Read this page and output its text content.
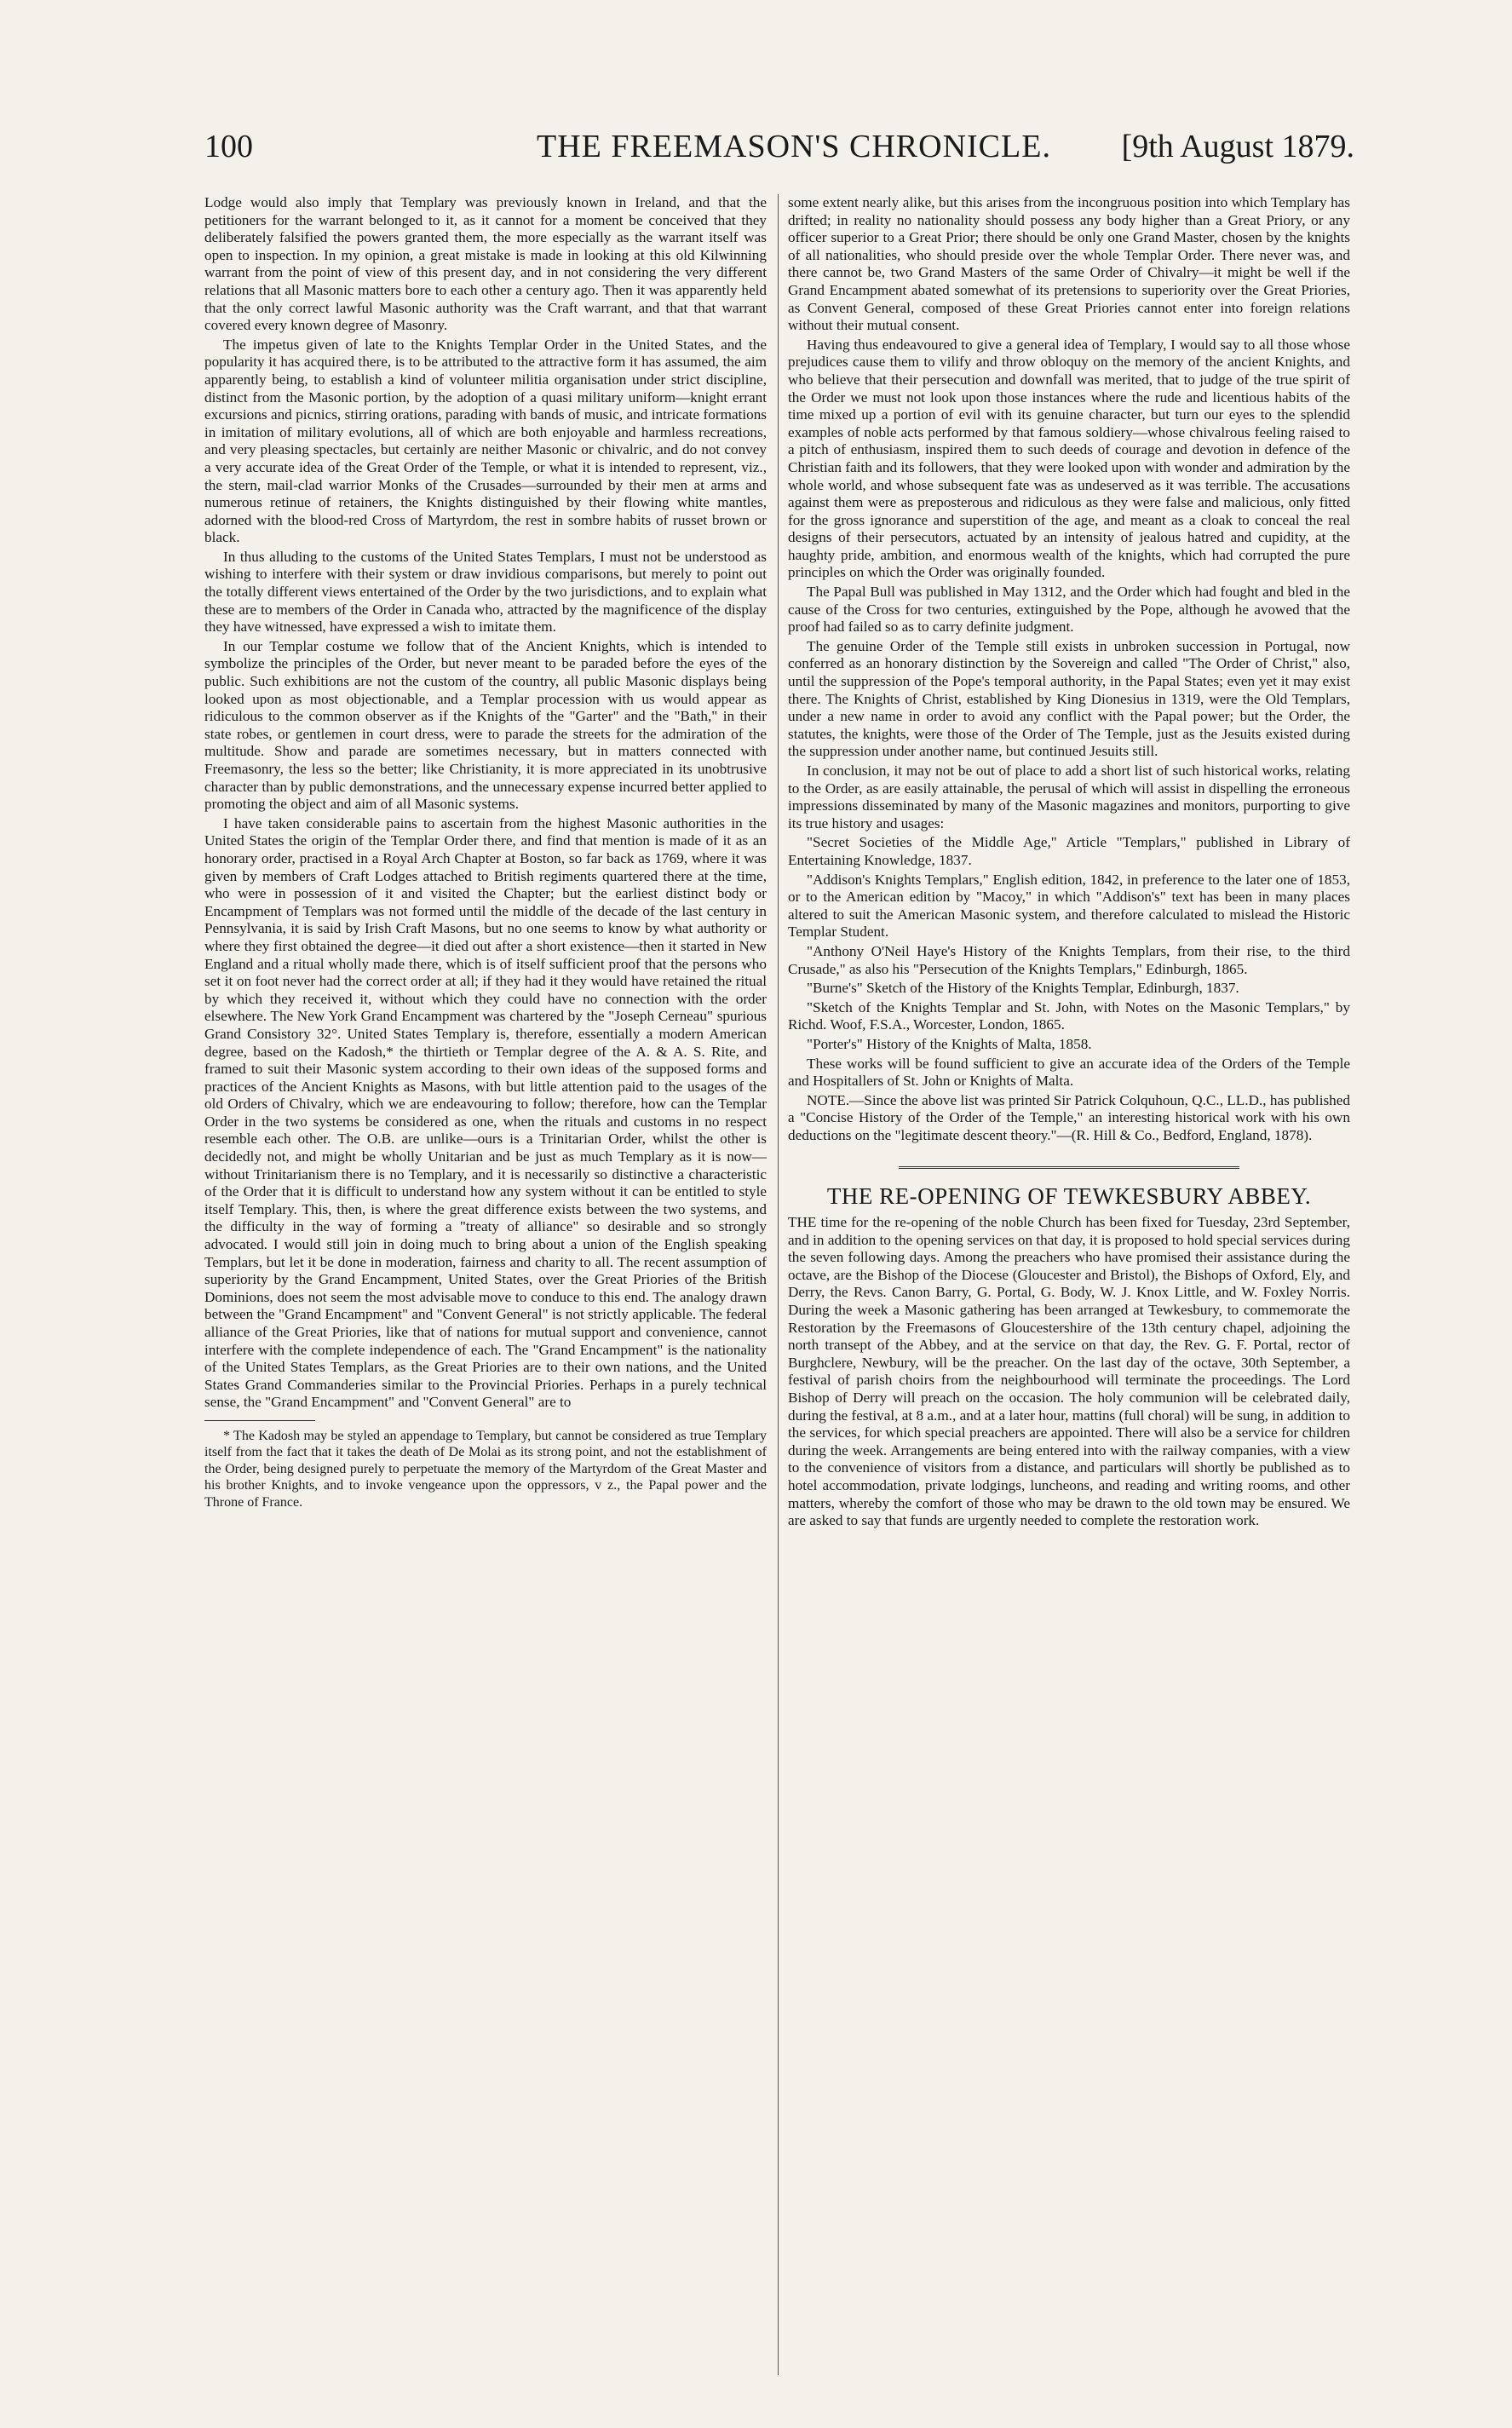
100	THE FREEMASON'S CHRONICLE. [9th August 1879.

Lodge would also imply that Templary was previously known in Ireland, and that the petitioners for the warrant belonged to it, as it cannot for a moment be conceived that they deliberately falsified the powers granted them, the more especially as the warrant itself was open to inspection. In my opinion, a great mistake is made in looking at this old Kilwinning warrant from the point of view of this present day, and in not considering the very different relations that all Masonic matters bore to each other a century ago. Then it was apparently held that the only correct lawful Masonic authority was the Craft warrant, and that that warrant covered every known degree of Masonry.

The impetus given of late to the Knights Templar Order in the United States, and the popularity it has acquired there, is to be attributed to the attractive form it has assumed, the aim apparently being, to establish a kind of volunteer militia organisation under strict discipline, distinct from the Masonic portion, by the adoption of a quasi military uniform—knight errant excursions and picnics, stirring orations, parading with bands of music, and intricate formations in imitation of military evolutions, all of which are both enjoyable and harmless recreations, and very pleasing spectacles, but certainly are neither Masonic or chivalric, and do not convey a very accurate idea of the Great Order of the Temple, or what it is intended to represent, viz., the stern, mail-clad warrior Monks of the Crusades—surrounded by their men at arms and numerous retinue of retainers, the Knights distinguished by their flowing white mantles, adorned with the blood-red Cross of Martyrdom, the rest in sombre habits of russet brown or black.

In thus alluding to the customs of the United States Templars, I must not be understood as wishing to interfere with their system or draw invidious comparisons, but merely to point out the totally different views entertained of the Order by the two jurisdictions, and to explain what these are to members of the Order in Canada who, attracted by the magnificence of the display they have witnessed, have expressed a wish to imitate them.

In our Templar costume we follow that of the Ancient Knights, which is intended to symbolize the principles of the Order, but never meant to be paraded before the eyes of the public. Such exhibitions are not the custom of the country, all public Masonic displays being looked upon as most objectionable, and a Templar procession with us would appear as ridiculous to the common observer as if the Knights of the "Garter" and the "Bath," in their state robes, or gentlemen in court dress, were to parade the streets for the admiration of the multitude. Show and parade are sometimes necessary, but in matters connected with Freemasonry, the less so the better; like Christianity, it is more appreciated in its unobtrusive character than by public demonstrations, and the unnecessary expense incurred better applied to promoting the object and aim of all Masonic systems.

I have taken considerable pains to ascertain from the highest Masonic authorities in the United States the origin of the Templar Order there, and find that mention is made of it as an honorary order, practised in a Royal Arch Chapter at Boston, so far back as 1769, where it was given by members of Craft Lodges attached to British regiments quartered there at the time, who were in possession of it and visited the Chapter; but the earliest distinct body or Encampment of Templars was not formed until the middle of the decade of the last century in Pennsylvania, it is said by Irish Craft Masons, but no one seems to know by what authority or where they first obtained the degree—it died out after a short existence—then it started in New England and a ritual wholly made there, which is of itself sufficient proof that the persons who set it on foot never had the correct order at all; if they had it they would have retained the ritual by which they received it, without which they could have no connection with the order elsewhere. The New York Grand Encampment was chartered by the "Joseph Cerneau" spurious Grand Consistory 32°. United States Templary is, therefore, essentially a modern American degree, based on the Kadosh,* the thirtieth or Templar degree of the A. & A. S. Rite, and framed to suit their Masonic system according to their own ideas of the supposed forms and practices of the Ancient Knights as Masons, with but little attention paid to the usages of the old Orders of Chivalry, which we are endeavouring to follow; therefore, how can the Templar Order in the two systems be considered as one, when the rituals and customs in no respect resemble each other. The O.B. are unlike—ours is a Trinitarian Order, whilst the other is decidedly not, and might be wholly Unitarian and be just as much Templary as it is now—without Trinitarianism there is no Templary, and it is necessarily so distinctive a characteristic of the Order that it is difficult to understand how any system without it can be entitled to style itself Templary. This, then, is where the great difference exists between the two systems, and the difficulty in the way of forming a "treaty of alliance" so desirable and so strongly advocated. I would still join in doing much to bring about a union of the English speaking Templars, but let it be done in moderation, fairness and charity to all. The recent assumption of superiority by the Grand Encampment, United States, over the Great Priories of the British Dominions, does not seem the most advisable move to conduce to this end. The analogy drawn between the "Grand Encampment" and "Convent General" is not strictly applicable. The federal alliance of the Great Priories, like that of nations for mutual support and convenience, cannot interfere with the complete independence of each. The "Grand Encampment" is the nationality of the United States Templars, as the Great Priories are to their own nations, and the United States Grand Commanderies similar to the Provincial Priories. Perhaps in a purely technical sense, the "Grand Encampment" and "Convent General" are to

* The Kadosh may be styled an appendage to Templary, but cannot be considered as true Templary itself from the fact that it takes the death of De Molai as its strong point, and not the establishment of the Order, being designed purely to perpetuate the memory of the Martyrdom of the Great Master and his brother Knights, and to invoke vengeance upon the oppressors, v z., the Papal power and the Throne of France.

some extent nearly alike, but this arises from the incongruous position into which Templary has drifted; in reality no nationality should possess any body higher than a Great Priory, or any officer superior to a Great Prior; there should be only one Grand Master, chosen by the knights of all nationalities, who should preside over the whole Templar Order. There never was, and there cannot be, two Grand Masters of the same Order of Chivalry—it might be well if the Grand Encampment abated somewhat of its pretensions to superiority over the Great Priories, as Convent General, composed of these Great Priories cannot enter into foreign relations without their mutual consent.

Having thus endeavoured to give a general idea of Templary, I would say to all those whose prejudices cause them to vilify and throw obloquy on the memory of the ancient Knights, and who believe that their persecution and downfall was merited, that to judge of the true spirit of the Order we must not look upon those instances where the rude and licentious habits of the time mixed up a portion of evil with its genuine character, but turn our eyes to the splendid examples of noble acts performed by that famous soldiery—whose chivalrous feeling raised to a pitch of enthusiasm, inspired them to such deeds of courage and devotion in defence of the Christian faith and its followers, that they were looked upon with wonder and admiration by the whole world, and whose subsequent fate was as undeserved as it was terrible. The accusations against them were as preposterous and ridiculous as they were false and malicious, only fitted for the gross ignorance and superstition of the age, and meant as a cloak to conceal the real designs of their persecutors, actuated by an intensity of jealous hatred and cupidity, at the haughty pride, ambition, and enormous wealth of the knights, which had corrupted the pure principles on which the Order was originally founded.

The Papal Bull was published in May 1312, and the Order which had fought and bled in the cause of the Cross for two centuries, extinguished by the Pope, although he avowed that the proof had failed so as to carry definite judgment.

The genuine Order of the Temple still exists in unbroken succession in Portugal, now conferred as an honorary distinction by the Sovereign and called "The Order of Christ," also, until the suppression of the Pope's temporal authority, in the Papal States; even yet it may exist there. The Knights of Christ, established by King Dionesius in 1319, were the Old Templars, under a new name in order to avoid any conflict with the Papal power; but the Order, the statutes, the knights, were those of the Order of The Temple, just as the Jesuits existed during the suppression under another name, but continued Jesuits still.

In conclusion, it may not be out of place to add a short list of such historical works, relating to the Order, as are easily attainable, the perusal of which will assist in dispelling the erroneous impressions disseminated by many of the Masonic magazines and monitors, purporting to give its true history and usages:

"Secret Societies of the Middle Age," Article "Templars," published in Library of Entertaining Knowledge, 1837.

"Addison's Knights Templars," English edition, 1842, in preference to the later one of 1853, or to the American edition by "Macoy," in which "Addison's" text has been in many places altered to suit the American Masonic system, and therefore calculated to mislead the Historic Templar Student.

"Anthony O'Neil Haye's History of the Knights Templars, from their rise, to the third Crusade," as also his "Persecution of the Knights Templars," Edinburgh, 1865.

"Burne's" Sketch of the History of the Knights Templar, Edinburgh, 1837.

"Sketch of the Knights Templar and St. John, with Notes on the Masonic Templars," by Richd. Woof, F.S.A., Worcester, London, 1865.

"Porter's" History of the Knights of Malta, 1858.

These works will be found sufficient to give an accurate idea of the Orders of the Temple and Hospitallers of St. John or Knights of Malta.

NOTE.—Since the above list was printed Sir Patrick Colquhoun, Q.C., LL.D., has published a "Concise History of the Order of the Temple," an interesting historical work with his own deductions on the "legitimate descent theory."—(R. Hill & Co., Bedford, England, 1878).

THE RE-OPENING OF TEWKESBURY ABBEY.

THE time for the re-opening of the noble Church has been fixed for Tuesday, 23rd September, and in addition to the opening services on that day, it is proposed to hold special services during the seven following days. Among the preachers who have promised their assistance during the octave, are the Bishop of the Diocese (Gloucester and Bristol), the Bishops of Oxford, Ely, and Derry, the Revs. Canon Barry, G. Portal, G. Body, W. J. Knox Little, and W. Foxley Norris. During the week a Masonic gathering has been arranged at Tewkesbury, to commemorate the Restoration by the Freemasons of Gloucestershire of the 13th century chapel, adjoining the north transept of the Abbey, and at the service on that day, the Rev. G. F. Portal, rector of Burghclere, Newbury, will be the preacher. On the last day of the octave, 30th September, a festival of parish choirs from the neighbourhood will terminate the proceedings. The Lord Bishop of Derry will preach on the occasion. The holy communion will be celebrated daily, during the festival, at 8 a.m., and at a later hour, mattins (full choral) will be sung, in addition to the services, for which special preachers are appointed. There will also be a service for children during the week. Arrangements are being entered into with the railway companies, with a view to the convenience of visitors from a distance, and particulars will shortly be published as to hotel accommodation, private lodgings, luncheons, and reading and writing rooms, and other matters, whereby the comfort of those who may be drawn to the old town may be ensured. We are asked to say that funds are urgently needed to complete the restoration work.
